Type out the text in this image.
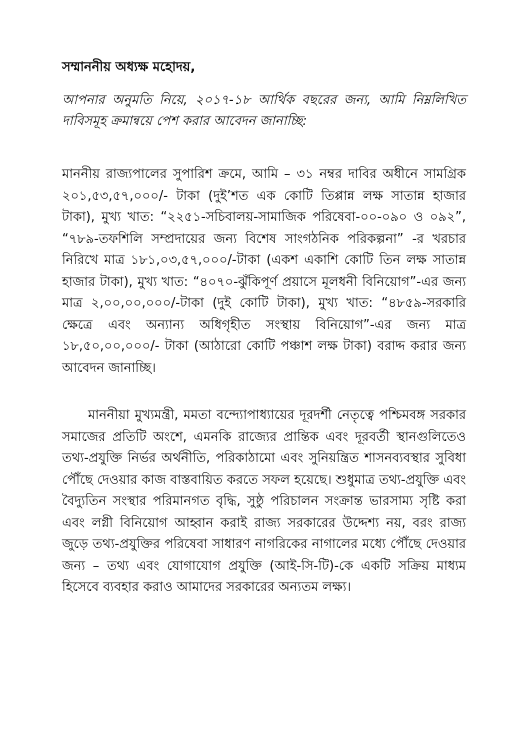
সম্মাননীয় অধ্যক্ষ মহোদয়,

আপনার অনুমতি নিয়ে, ২০১৭-১৮ আর্থিক বছরের জন্য, আমি নিম্নলিখিত দাবিসমূহ ক্রমান্বয়ে পেশ করার আবেদন জানাচ্ছি:

মাননীয় রাজ্যপালের সুপারিশ ক্রমে, আমি – ৩১ নম্বর দাবির অধীনে সামগ্রিক ২০১,৫৩,৫৭,০০০/- টাকা (দুই’শত এক কোটি তিপ্পান্ন লক্ষ সাতান্ন হাজার টাকা), মুখ্য খাত: “২২৫১-সচিবালয়-সামাজিক পরিষেবা-০০-০৯০ ও ০৯২”, “৭৮৯-তফশিলি সম্প্রদায়ের জন্য বিশেষ সাংগঠনিক পরিকল্পনা” -র খরচার নিরিখে মাত্র ১৮১,০৩,৫৭,০০০/-টাকা (একশ একাশি কোটি তিন লক্ষ সাতান্ন হাজার টাকা), মুখ্য খাত: “৪০৭০-ঝুঁকিপূর্ণ প্রয়াসে মূলধনী বিনিয়োগ”-এর জন্য মাত্র ২,০০,০০,০০০/-টাকা (দুই কোটি টাকা), মুখ্য খাত: “৪৮৫৯-সরকারি ক্ষেত্রে এবং অন্যান্য অধিগৃহীত সংস্থায় বিনিয়োগ”-এর জন্য মাত্র ১৮,৫০,০০,০০০/- টাকা (আঠারো কোটি পঞ্চাশ লক্ষ টাকা) বরাদ্দ করার জন্য আবেদন জানাচ্ছি।

মাননীয়া মুখ্যমন্ত্রী, মমতা বন্দ্যোপাধ্যায়ের দূরদর্শী নেতৃত্বে পশ্চিমবঙ্গ সরকার সমাজের প্রতিটি অংশে, এমনকি রাজ্যের প্রান্তিক এবং দূরবর্তী স্থানগুলিতেও তথ্য-প্রযুক্তি নির্ভর অর্থনীতি, পরিকাঠামো এবং সুনিয়ন্ত্রিত শাসনব্যবস্থার সুবিধা পৌঁছে দেওয়ার কাজ বাস্তবায়িত করতে সফল হয়েছে। শুধুমাত্র তথ্য-প্রযুক্তি এবং বৈদ্যুতিন সংস্থার পরিমানগত বৃদ্ধি, সুষ্ঠু পরিচালন সংক্রান্ত ভারসাম্য সৃষ্টি করা এবং লগ্নী বিনিয়োগ আহ্বান করাই রাজ্য সরকারের উদ্দেশ্য নয়, বরং রাজ্য জুড়ে তথ্য-প্রযুক্তির পরিষেবা সাধারণ নাগরিকের নাগালের মধ্যে পৌঁছে দেওয়ার জন্য – তথ্য এবং যোগাযোগ প্রযুক্তি (আই-সি-টি)-কে একটি সক্রিয় মাধ্যম হিসেবে ব্যবহার করাও আমাদের সরকারের অন্যতম লক্ষ্য।
